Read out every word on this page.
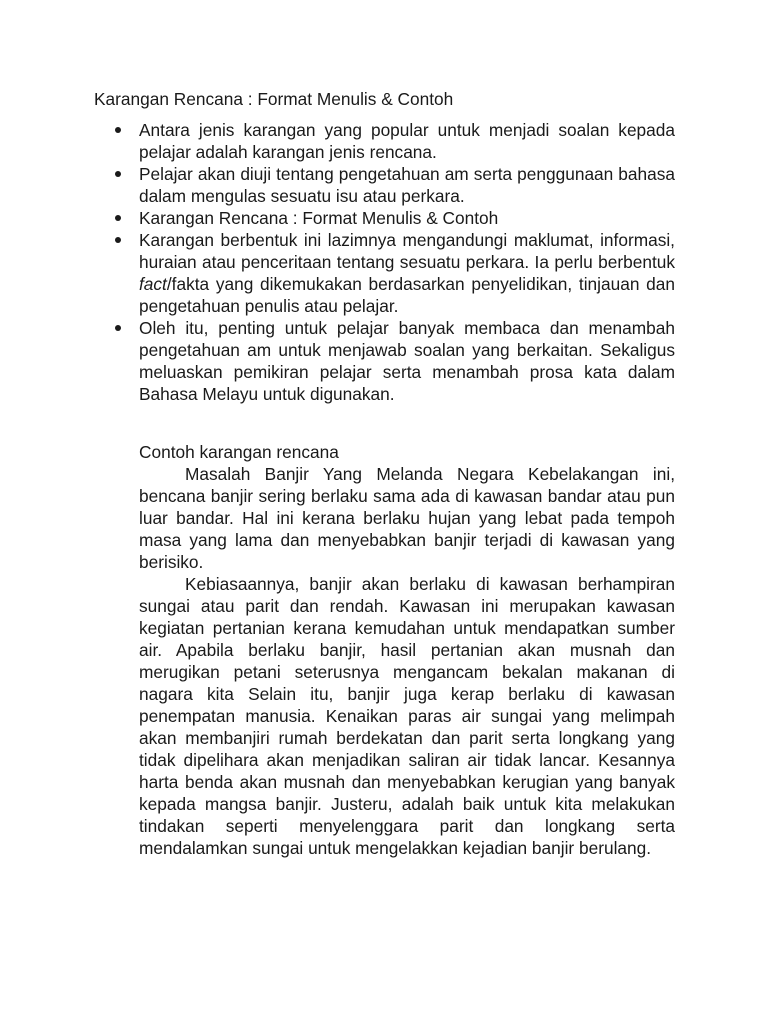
Karangan Rencana : Format Menulis & Contoh
Antara jenis karangan yang popular untuk menjadi soalan kepada pelajar adalah karangan jenis rencana.
Pelajar akan diuji tentang pengetahuan am serta penggunaan bahasa dalam mengulas sesuatu isu atau perkara.
Karangan Rencana : Format Menulis & Contoh
Karangan berbentuk ini lazimnya mengandungi maklumat, informasi, huraian atau penceritaan tentang sesuatu perkara. Ia perlu berbentuk fact/fakta yang dikemukakan berdasarkan penyelidikan, tinjauan dan pengetahuan penulis atau pelajar.
Oleh itu, penting untuk pelajar banyak membaca dan menambah pengetahuan am untuk menjawab soalan yang berkaitan. Sekaligus meluaskan pemikiran pelajar serta menambah prosa kata dalam Bahasa Melayu untuk digunakan.
Contoh karangan rencana

Masalah Banjir Yang Melanda Negara Kebelakangan ini, bencana banjir sering berlaku sama ada di kawasan bandar atau pun luar bandar. Hal ini kerana berlaku hujan yang lebat pada tempoh masa yang lama dan menyebabkan banjir terjadi di kawasan yang berisiko.

Kebiasaannya, banjir akan berlaku di kawasan berhampiran sungai atau parit dan rendah. Kawasan ini merupakan kawasan kegiatan pertanian kerana kemudahan untuk mendapatkan sumber air. Apabila berlaku banjir, hasil pertanian akan musnah dan merugikan petani seterusnya mengancam bekalan makanan di nagara kita Selain itu, banjir juga kerap berlaku di kawasan penempatan manusia. Kenaikan paras air sungai yang melimpah akan membanjiri rumah berdekatan dan parit serta longkang yang tidak dipelihara akan menjadikan saliran air tidak lancar. Kesannya harta benda akan musnah dan menyebabkan kerugian yang banyak kepada mangsa banjir. Justeru, adalah baik untuk kita melakukan tindakan seperti menyelenggara parit dan longkang serta mendalamkan sungai untuk mengelakkan kejadian banjir berulang.
